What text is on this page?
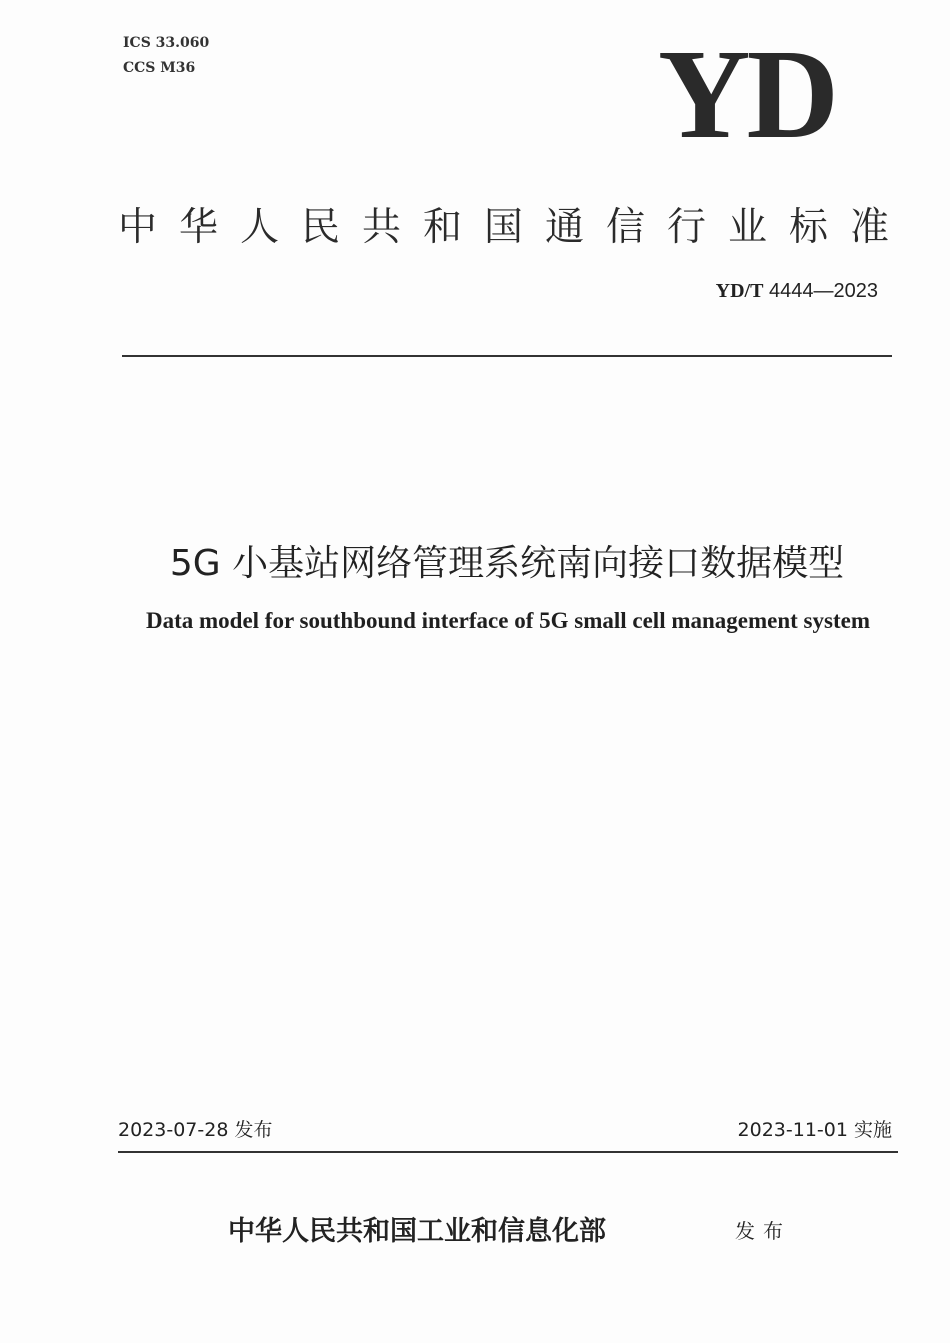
ICS 33.060
CCS M36	YD
中华人民共和国通信行业标准
YD/T 4444—2023
5G 小基站网络管理系统南向接口数据模型
Data model for southbound interface of 5G small cell management system
2023-07-28 发布	2023-11-01 实施
中华人民共和国工业和信息化部	发布
